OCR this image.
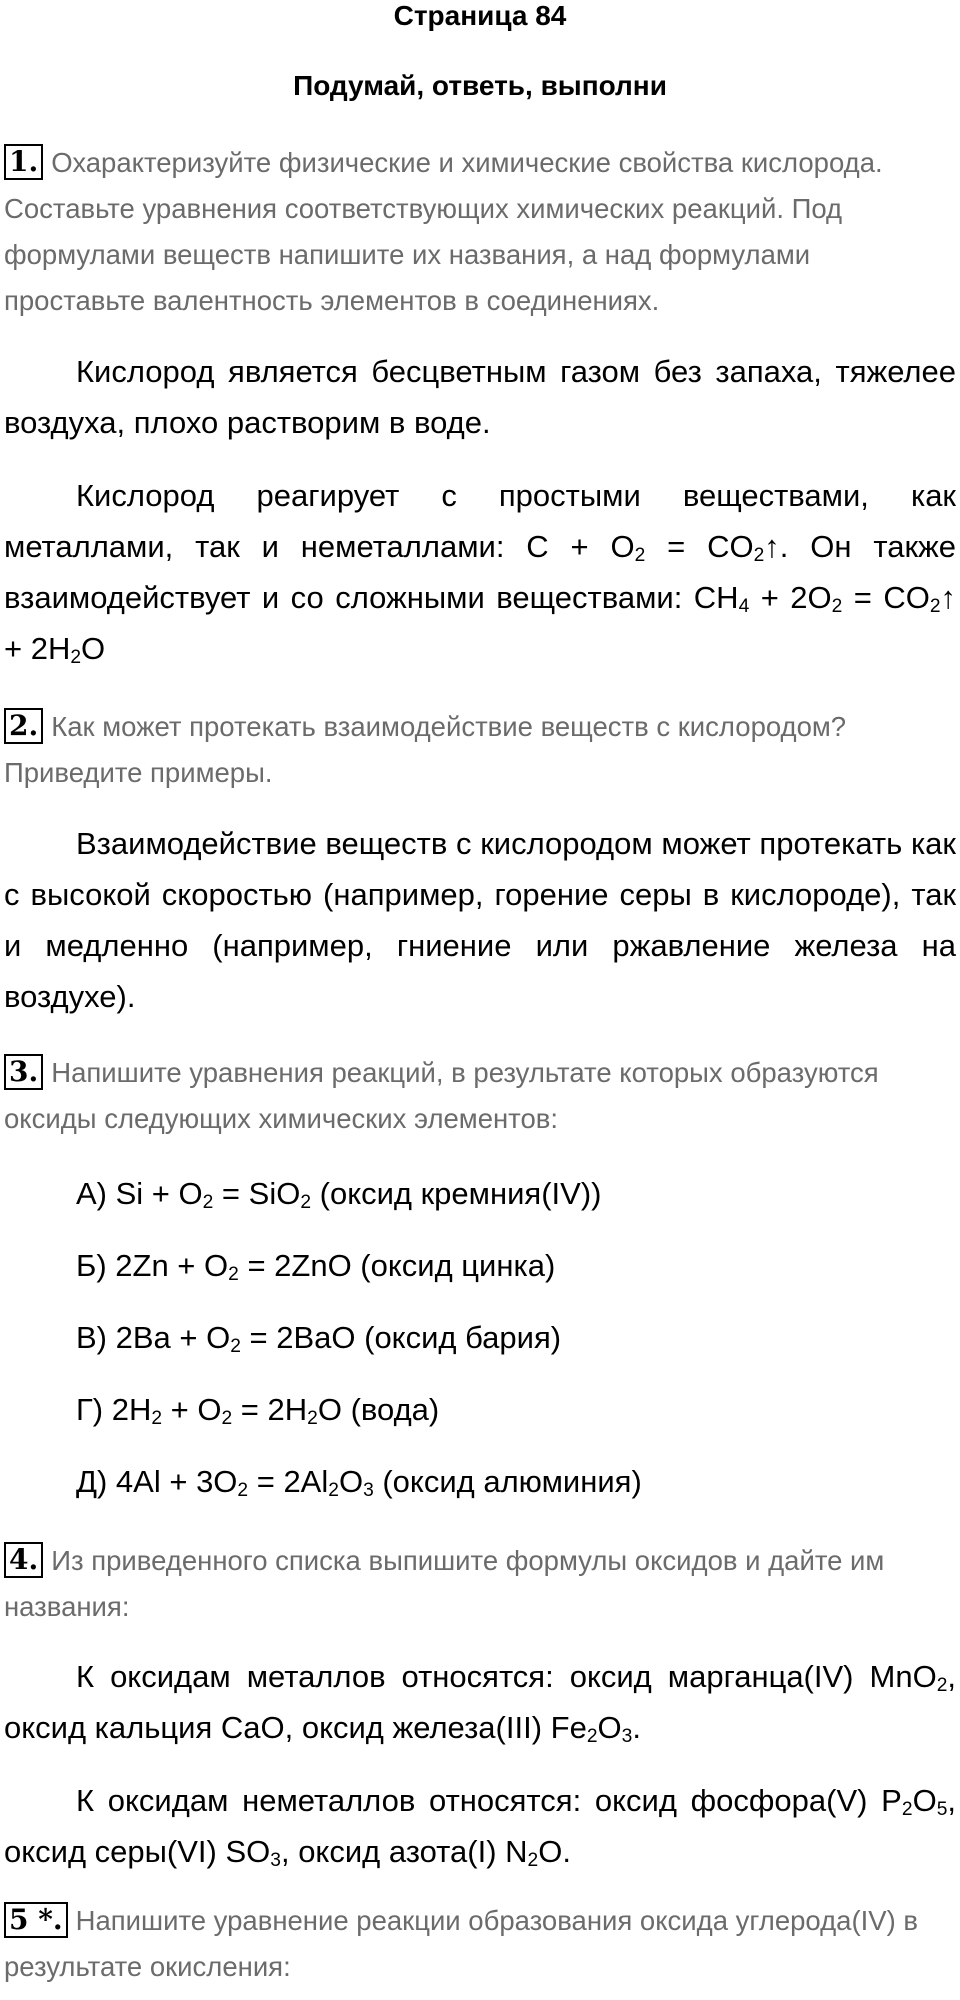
Страница 84
Подумай, ответь, выполни
1. Охарактеризуйте физические и химические свойства кислорода. Составьте уравнения соответствующих химических реакций. Под формулами веществ напишите их названия, а над формулами проставьте валентность элементов в соединениях.
Кислород является бесцветным газом без запаха, тяжелее воздуха, плохо растворим в воде.
Кислород реагирует с простыми веществами, как металлами, так и неметаллами: $С + O_2$ = $CO_2↑$. Он также взаимодействует и со сложными веществами: $CH_4 + 2O_2$ = $CO_2↑ + 2H_2O$
2. Как может протекать взаимодействие веществ с кислородом? Приведите примеры.
Взаимодействие веществ с кислородом может протекать как с высокой скоростью (например, горение серы в кислороде), так и медленно (например, гниение или ржавление железа на воздухе).
3. Напишите уравнения реакций, в результате которых образуются оксиды следующих химических элементов:
А) $Si + O_2 = SiO_2$ (оксид кремния(IV))
Б) $2Zn + O_2 = 2ZnO$ (оксид цинка)
В) $2Ba + O_2 = 2BaO$ (оксид бария)
Г) $2H_2 + O_2 = 2H_2O$ (вода)
Д) $4Al + 3O_2 = 2Al_2O_3$ (оксид алюминия)
4. Из приведенного списка выпишите формулы оксидов и дайте им названия:
К оксидам металлов относятся: оксид марганца(IV) MnO$_2$, оксид кальция CaO, оксид железа(III) $Fe_2O_3$.
К оксидам неметаллов относятся: оксид фосфора(V) $P_2O_5$, оксид серы(VI) $SO_3$, оксид азота(I) $N_2O$.
5 *. Напишите уравнение реакции образования оксида углерода(IV) в результате окисления:
